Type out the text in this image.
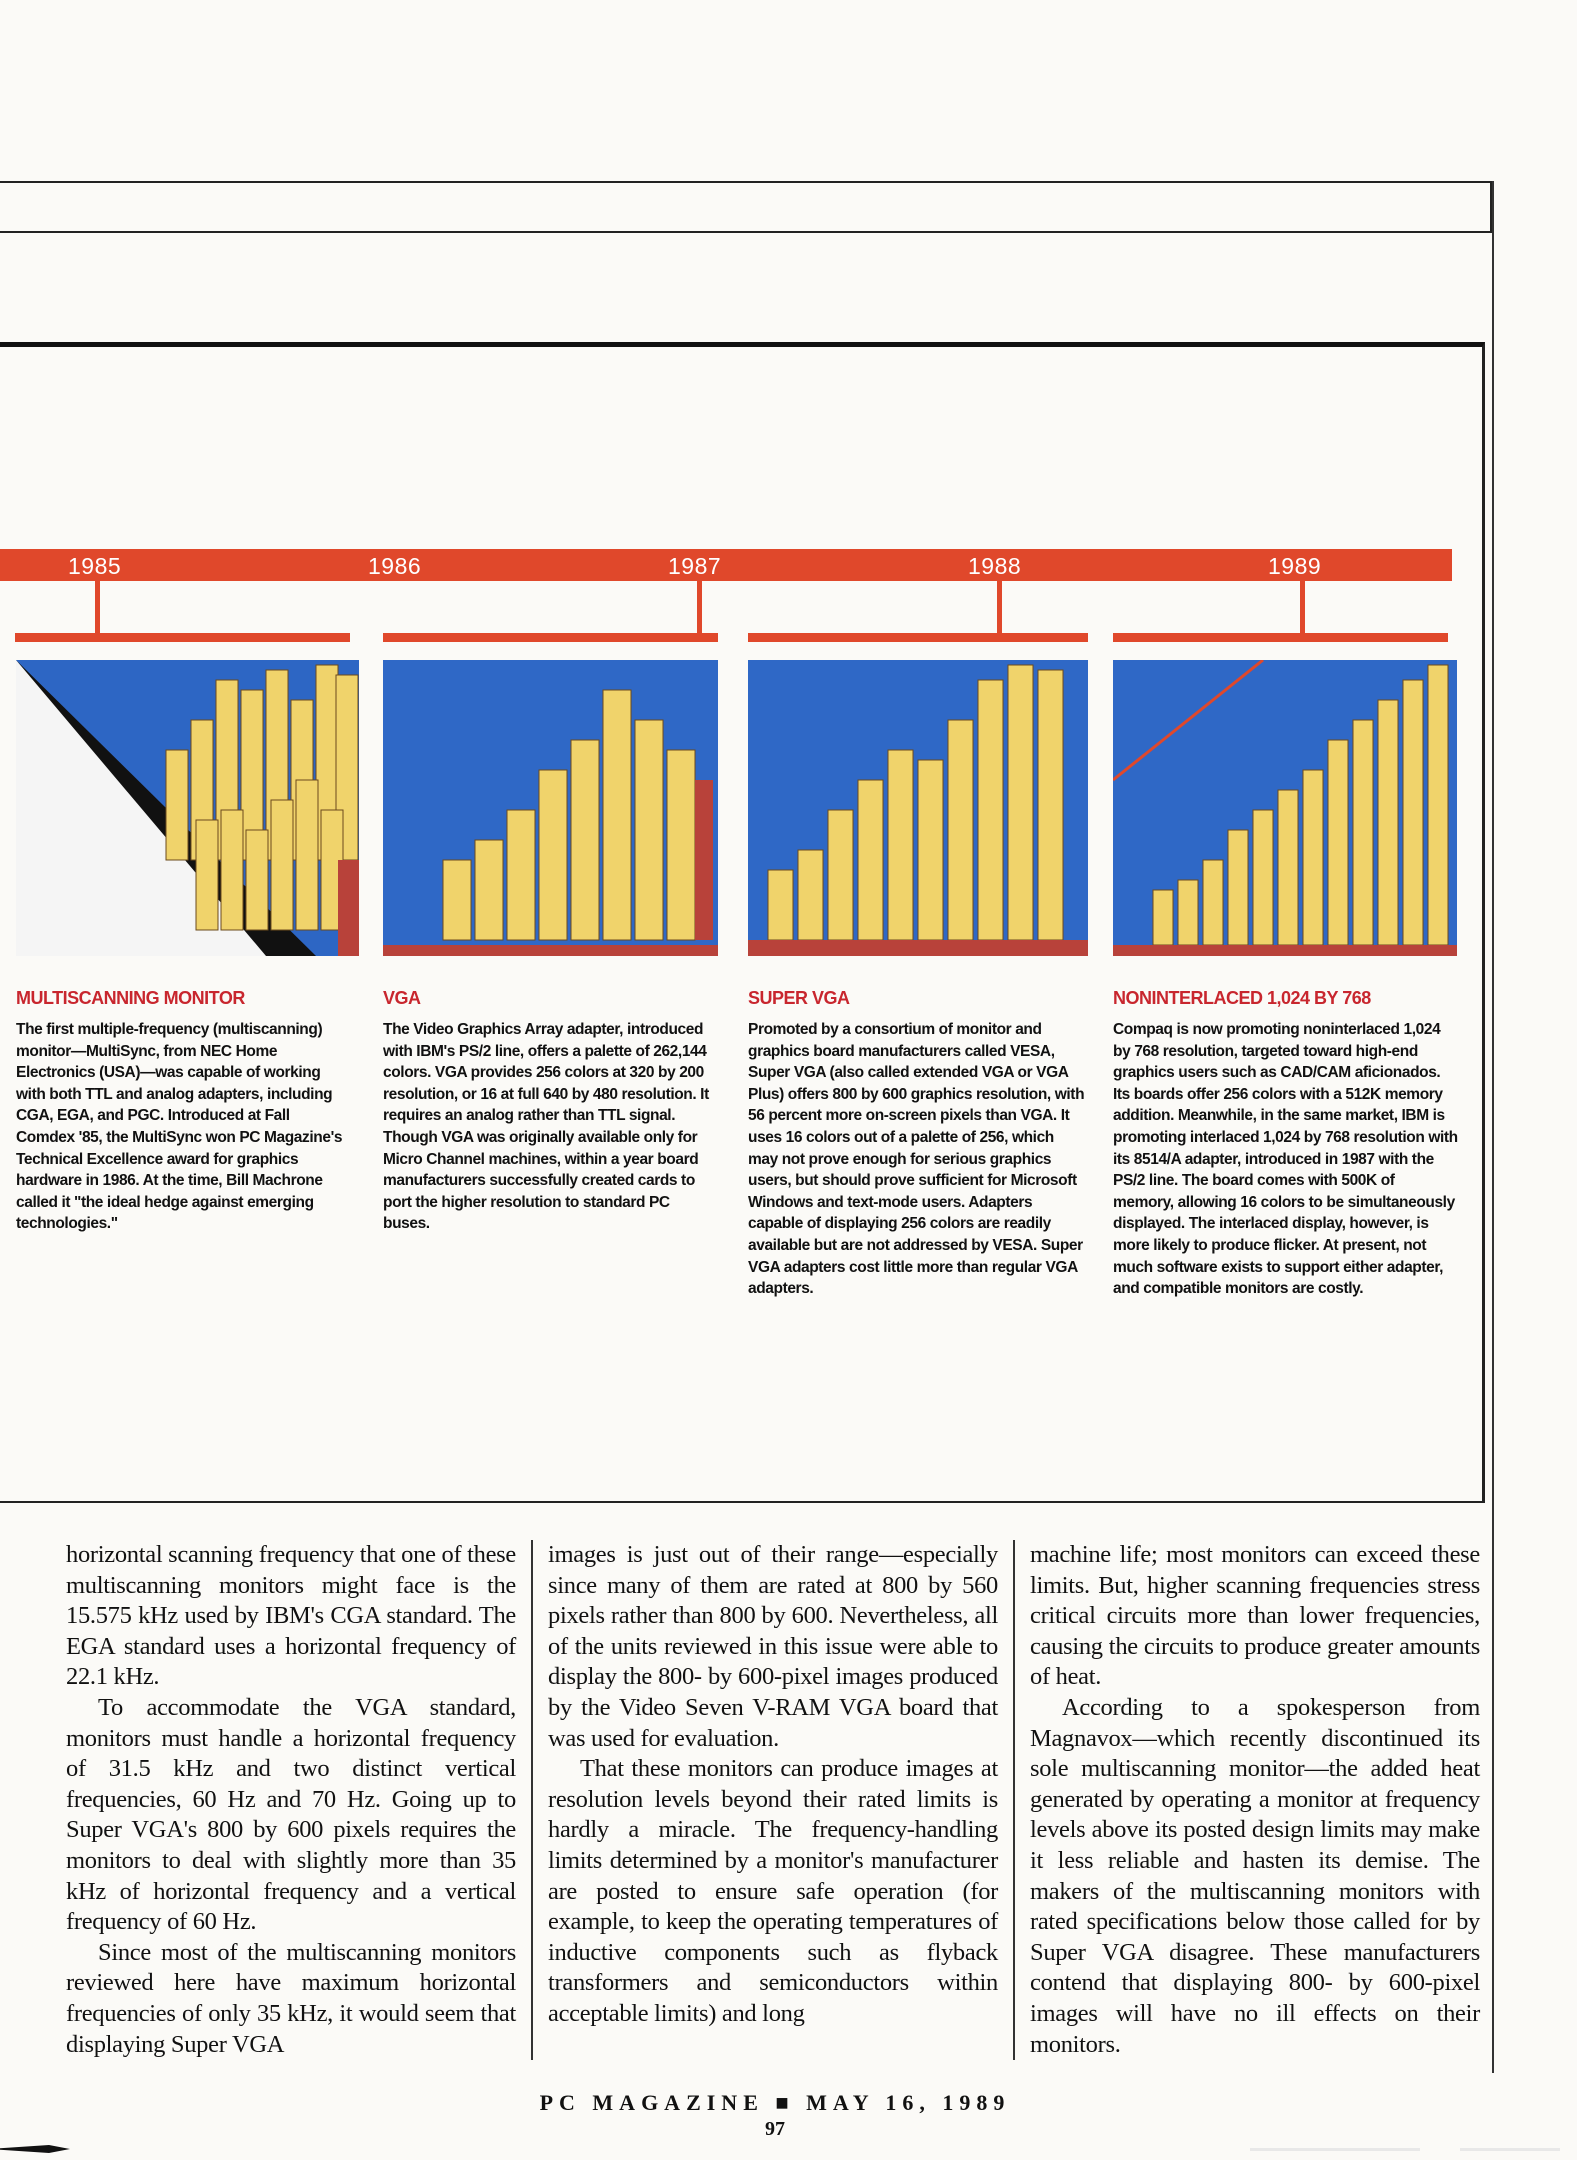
1985	1986	1987	1988	1989
MULTISCANNING MONITOR
The first multiple-frequency (multiscanning) monitor—MultiSync, from NEC Home Electronics (USA)—was capable of working with both TTL and analog adapters, including CGA, EGA, and PGC. Introduced at Fall Comdex '85, the MultiSync won PC Magazine's Technical Excellence award for graphics hardware in 1986. At the time, Bill Machrone called it "the ideal hedge against emerging technologies."
VGA
The Video Graphics Array adapter, introduced with IBM's PS/2 line, offers a palette of 262,144 colors. VGA provides 256 colors at 320 by 200 resolution, or 16 at full 640 by 480 resolution. It requires an analog rather than TTL signal. Though VGA was originally available only for Micro Channel machines, within a year board manufacturers successfully created cards to port the higher resolution to standard PC buses.
SUPER VGA
Promoted by a consortium of monitor and graphics board manufacturers called VESA, Super VGA (also called extended VGA or VGA Plus) offers 800 by 600 graphics resolution, with 56 percent more on-screen pixels than VGA. It uses 16 colors out of a palette of 256, which may not prove enough for serious graphics users, but should prove sufficient for Microsoft Windows and text-mode users. Adapters capable of displaying 256 colors are readily available but are not addressed by VESA. Super VGA adapters cost little more than regular VGA adapters.
NONINTERLACED 1,024 BY 768
Compaq is now promoting noninterlaced 1,024 by 768 resolution, targeted toward high-end graphics users such as CAD/CAM aficionados. Its boards offer 256 colors with a 512K memory addition. Meanwhile, in the same market, IBM is promoting interlaced 1,024 by 768 resolution with its 8514/A adapter, introduced in 1987 with the PS/2 line. The board comes with 500K of memory, allowing 16 colors to be simultaneously displayed. The interlaced display, however, is more likely to produce flicker. At present, not much software exists to support either adapter, and compatible monitors are costly.

horizontal scanning frequency that one of these multiscanning monitors might face is the 15.575 kHz used by IBM's CGA standard. The EGA standard uses a horizontal frequency of 22.1 kHz.

To accommodate the VGA standard, monitors must handle a horizontal frequency of 31.5 kHz and two distinct vertical frequencies, 60 Hz and 70 Hz. Going up to Super VGA's 800 by 600 pixels requires the monitors to deal with slightly more than 35 kHz of horizontal frequency and a vertical frequency of 60 Hz.

Since most of the multiscanning monitors reviewed here have maximum horizontal frequencies of only 35 kHz, it would seem that displaying Super VGA

images is just out of their range—especially since many of them are rated at 800 by 560 pixels rather than 800 by 600. Nevertheless, all of the units reviewed in this issue were able to display the 800- by 600-pixel images produced by the Video Seven V-RAM VGA board that was used for evaluation.

That these monitors can produce images at resolution levels beyond their rated limits is hardly a miracle. The frequency-handling limits determined by a monitor's manufacturer are posted to ensure safe operation (for example, to keep the operating temperatures of inductive components such as flyback transformers and semiconductors within acceptable limits) and long

machine life; most monitors can exceed these limits. But, higher scanning frequencies stress critical circuits more than lower frequencies, causing the circuits to produce greater amounts of heat.

According to a spokesperson from Magnavox—which recently discontinued its sole multiscanning monitor—the added heat generated by operating a monitor at frequency levels above its posted design limits may make it less reliable and hasten its demise. The makers of the multiscanning monitors with rated specifications below those called for by Super VGA disagree. These manufacturers contend that displaying 800- by 600-pixel images will have no ill effects on their monitors.

PC MAGAZINE ■ MAY 16, 1989
97
